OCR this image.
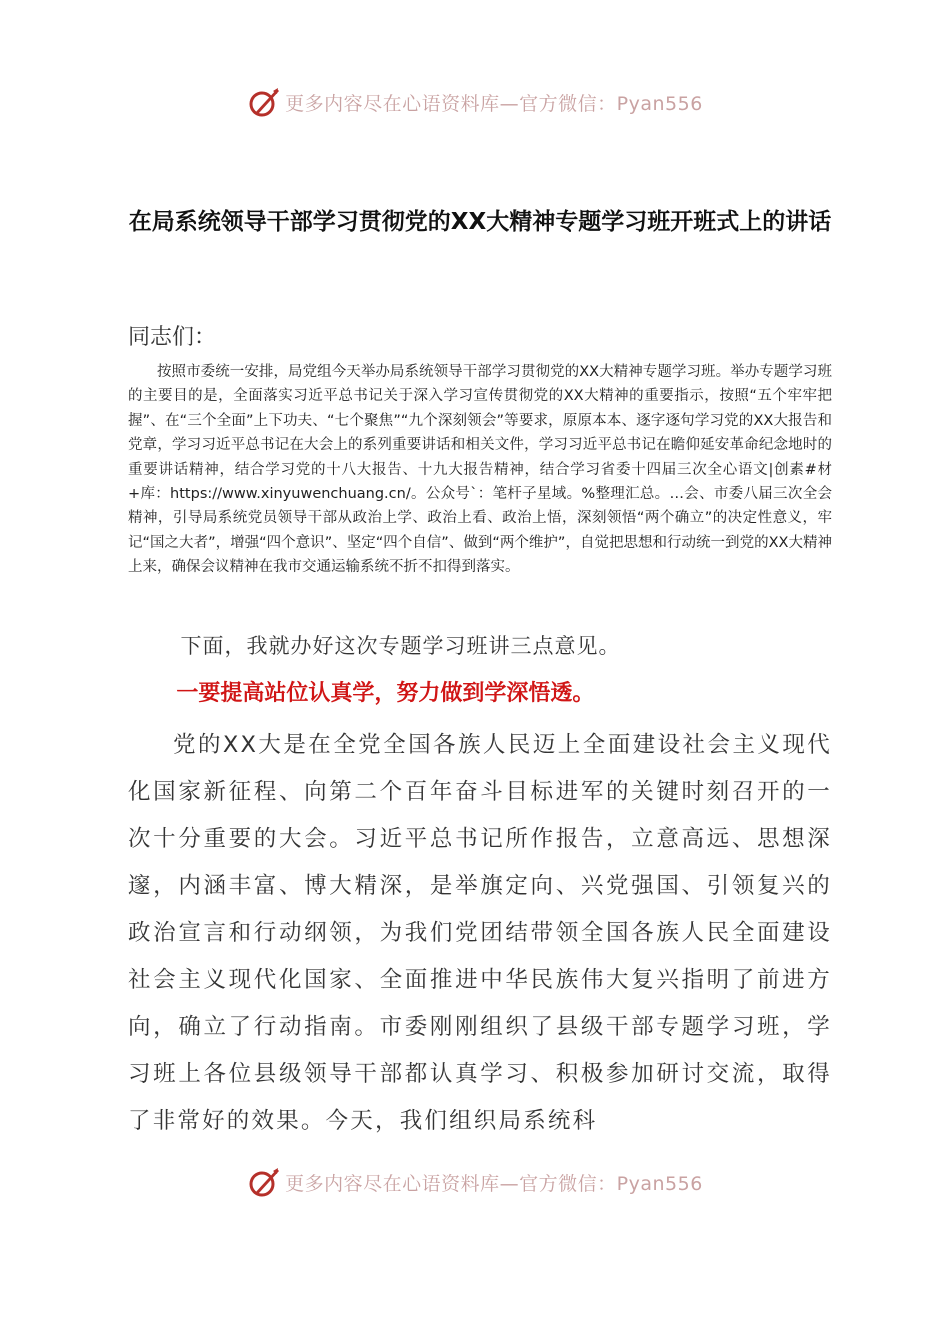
更多内容尽在心语资料库—官方微信：Pyan556
在局系统领导干部学习贯彻党的XX大精神专题学习班开班式上的讲话

同志们：

按照市委统一安排，局党组今天举办局系统领导干部学习贯彻党的XX大精神专题学习班。举办专题学习班的主要目的是，全面落实习近平总书记关于深入学习宣传贯彻党的XX大精神的重要指示，按照“五个牢牢把握”、在“三个全面”上下功夫、“七个聚焦”“九个深刻领会”等要求，原原本本、逐字逐句学习党的XX大报告和党章，学习习近平总书记在大会上的系列重要讲话和相关文件，学习习近平总书记在瞻仰延安革命纪念地时的重要讲话精神，结合学习党的十八大报告、十九大报告精神，结合学习省委十四届三次全心语文|创素#材+库：https://www.xinyuwenchuang.cn/。公众号`：笔杆子星域。%整理汇总。…会、市委八届三次全会精神，引导局系统党员领导干部从政治上学、政治上看、政治上悟，深刻领悟“两个确立”的决定性意义，牢记“国之大者”，增强“四个意识”、坚定“四个自信”、做到“两个维护”，自觉把思想和行动统一到党的XX大精神上来，确保会议精神在我市交通运输系统不折不扣得到落实。

下面，我就办好这次专题学习班讲三点意见。

一要提高站位认真学，努力做到学深悟透。

党的XX大是在全党全国各族人民迈上全面建设社会主义现代化国家新征程、向第二个百年奋斗目标进军的关键时刻召开的一次十分重要的大会。习近平总书记所作报告，立意高远、思想深邃，内涵丰富、博大精深，是举旗定向、兴党强国、引领复兴的政治宣言和行动纲领，为我们党团结带领全国各族人民全面建设社会主义现代化国家、全面推进中华民族伟大复兴指明了前进方向，确立了行动指南。市委刚刚组织了县级干部专题学习班，学习班上各位县级领导干部都认真学习、积极参加研讨交流，取得了非常好的效果。今天，我们组织局系统科

更多内容尽在心语资料库—官方微信：Pyan556
